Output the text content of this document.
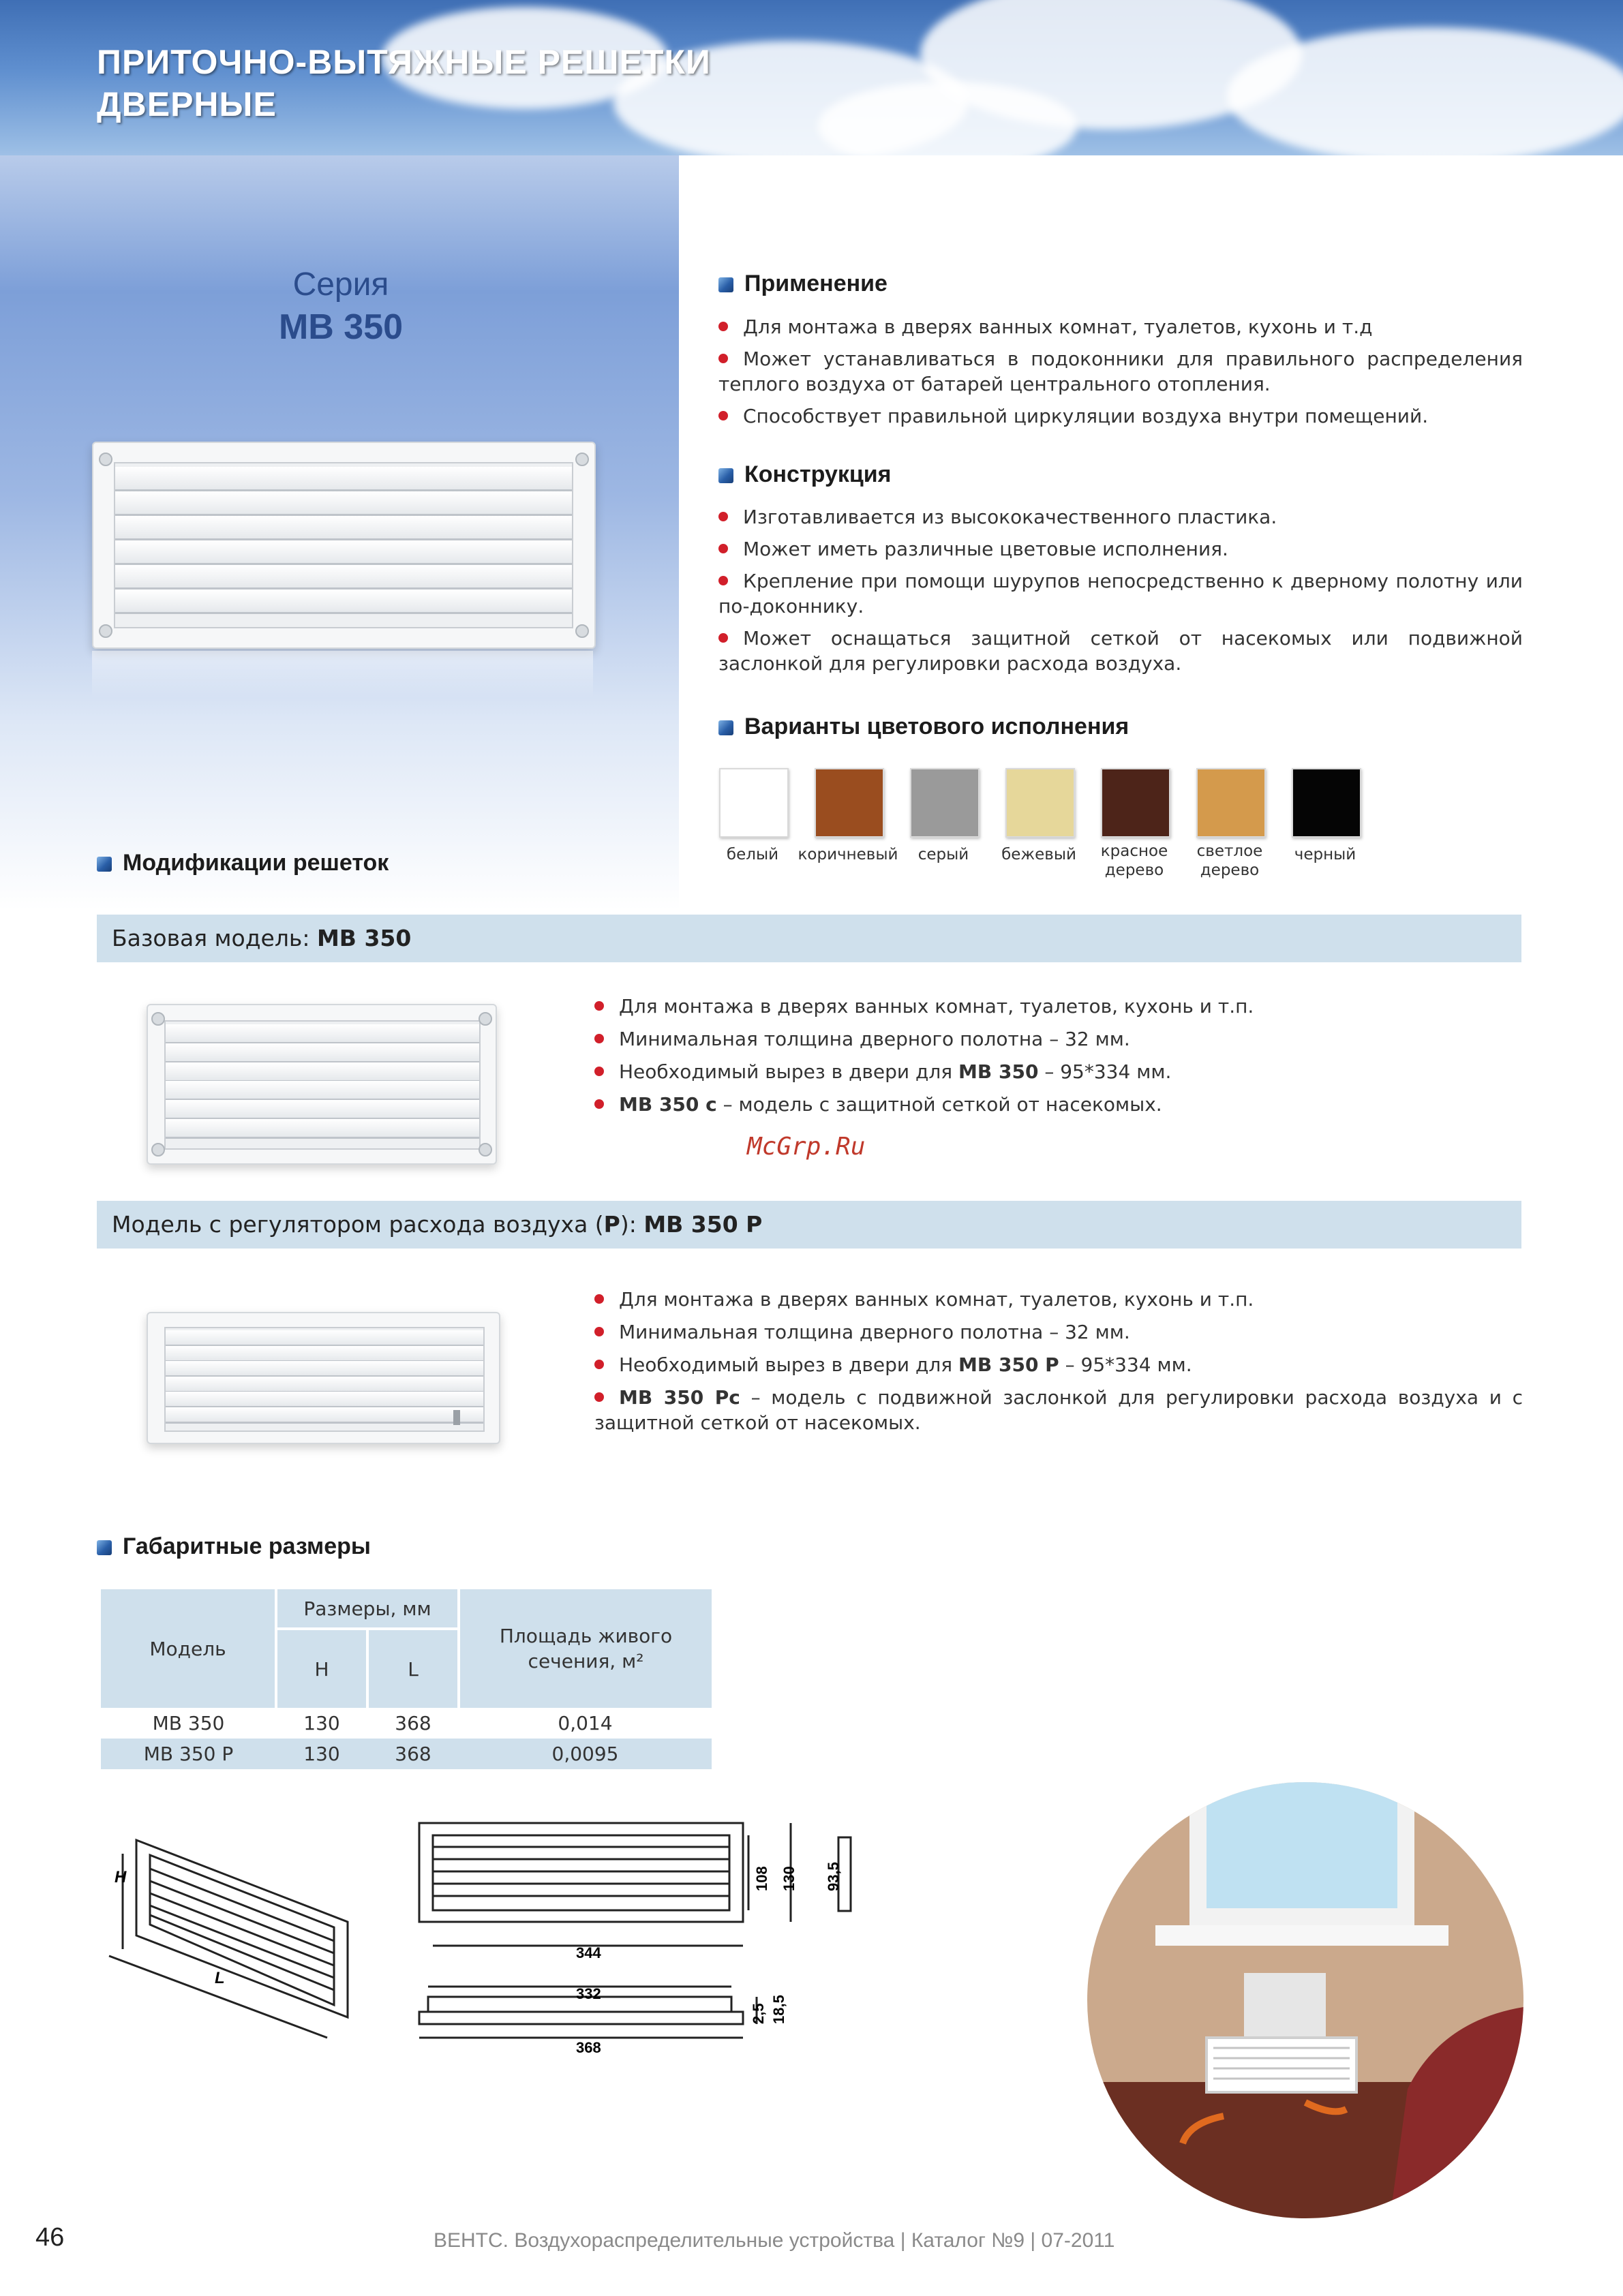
ПРИТОЧНО-ВЫТЯЖНЫЕ РЕШЕТКИ
ДВЕРНЫЕ
Серия
MB 350
Применение
Для монтажа в дверях ванных комнат, туалетов, кухонь и т.д
Может устанавливаться в подоконники для правильного распределения теплого воздуха от батарей центрального отопления.
Способствует правильной циркуляции воздуха внутри помещений.
Конструкция
Изготавливается из высококачественного пластика.
Может иметь различные цветовые исполнения.
Крепление при помощи шурупов непосредственно к дверному полотну или по-доконнику.
Может оснащаться защитной сеткой от насекомых или подвижной заслонкой для регулировки расхода воздуха.
Варианты цветового исполнения
белый	коричневый	серый	бежевый	красное
дерево
светлое
дерево
черный
Модификации решеток
Базовая модель: MB 350
Для монтажа в дверях ванных комнат, туалетов, кухонь и т.п.
Минимальная толщина дверного полотна – 32 мм.
Необходимый вырез в двери для MB 350 – 95*334 мм.
MB 350 с – модель с защитной сеткой от насекомых.
McGrp.Ru
Модель с регулятором расхода воздуха (Р): MB 350 Р
Для монтажа в дверях ванных комнат, туалетов, кухонь и т.п.
Минимальная толщина дверного полотна – 32 мм.
Необходимый вырез в двери для MB 350 Р – 95*334 мм.
MB 350 Рс – модель с подвижной заслонкой для регулировки расхода воздуха и с защитной сеткой от насекомых.
Габаритные размеры
Модель	Размеры, мм		Площадь живого
сечения, м²

	H	L	
MB 350	130	368	0,014
MB 350 Р	130	368	0,0095
H
L
108 130
344
93,5
332
2,5 18,5
368
46	ВЕНТС. Воздухораспределительные устройства | Каталог №9 | 07-2011
